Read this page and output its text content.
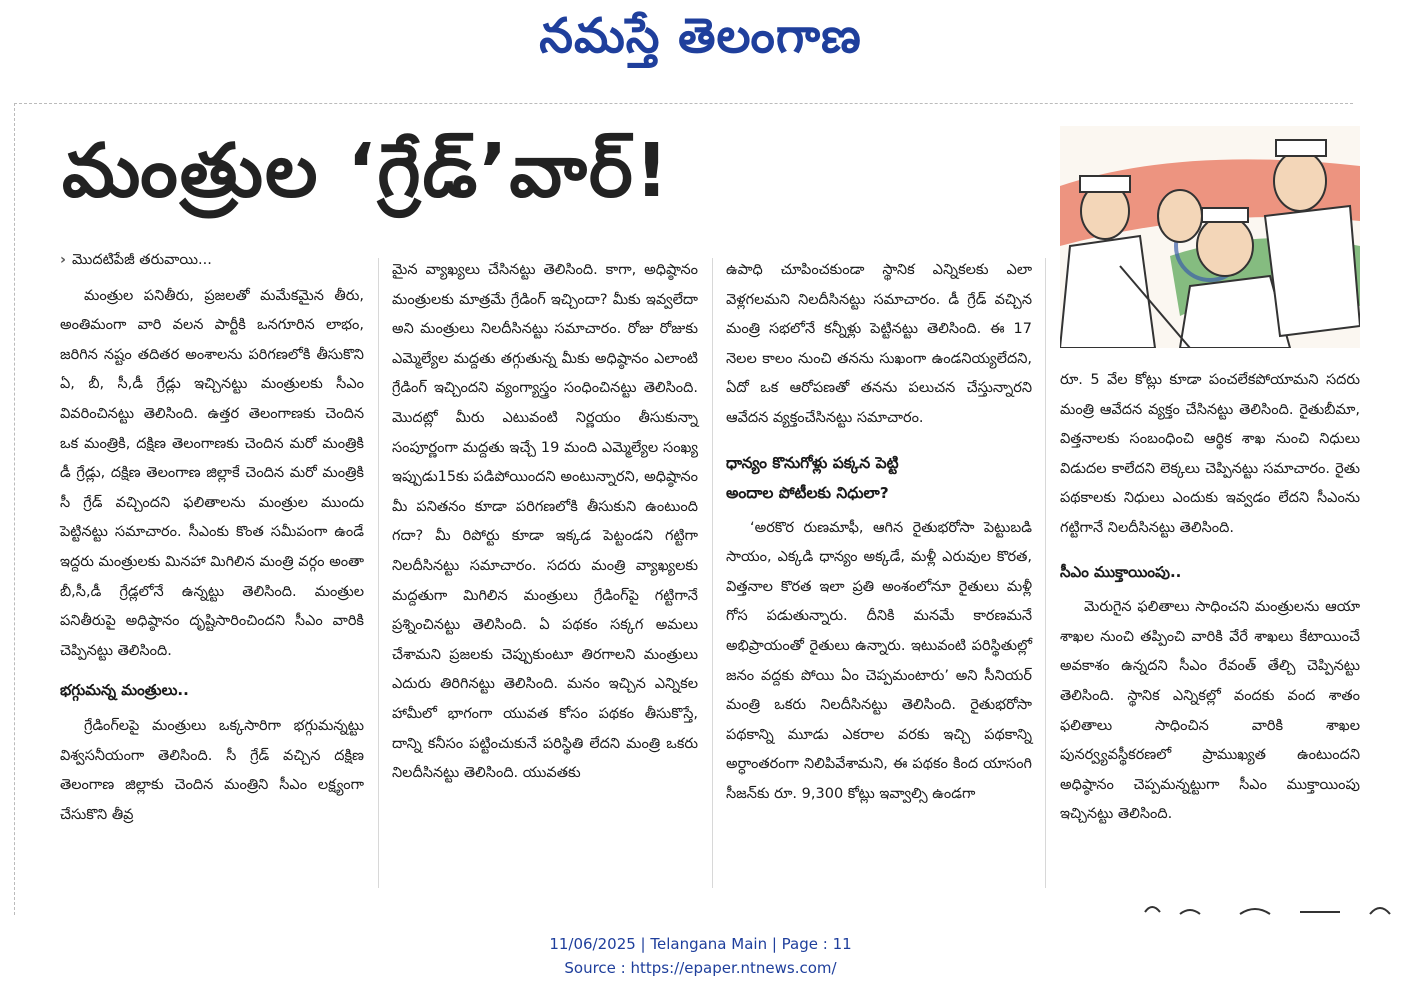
నమస్తే తెలంగాణ
మంత్రుల ‘గ్రేడ్’వార్!
› మొదటిపేజీ తరువాయి...

మంత్రుల పనితీరు, ప్రజలతో మమేకమైన తీరు, అంతిమంగా వారి వలన పార్టీకి ఒనగూరిన లాభం, జరిగిన నష్టం తదితర అంశాలను పరిగణలోకి తీసుకొని ఏ, బీ, సీ,డీ గ్రేడ్లు ఇచ్చినట్టు మంత్రులకు సీఎం వివరించినట్టు తెలిసింది. ఉత్తర తెలంగాణకు చెందిన ఒక మంత్రికి, దక్షిణ తెలంగాణకు చెందిన మరో మంత్రికి డీ గ్రేడ్లు, దక్షిణ తెలంగాణ జిల్లాకే చెందిన మరో మంత్రికి సీ గ్రేడ్ వచ్చిందని ఫలితాలను మంత్రుల ముందు పెట్టినట్టు సమాచారం. సీఎంకు కొంత సమీపంగా ఉండే ఇద్దరు మంత్రులకు మినహా మిగిలిన మంత్రి వర్గం అంతా బీ,సీ,డీ గ్రేడ్లలోనే ఉన్నట్టు తెలిసింది. మంత్రుల పనితీరుపై అధిష్ఠానం దృష్టిసారించిందని సీఎం వారికి చెప్పినట్టు తెలిసింది.

భగ్గుమన్న మంత్రులు..

గ్రేడింగ్‌లపై మంత్రులు ఒక్కసారిగా భగ్గుమన్నట్టు విశ్వసనీయంగా తెలిసింది. సీ గ్రేడ్ వచ్చిన దక్షిణ తెలంగాణ జిల్లాకు చెందిన మంత్రిని సీఎం లక్ష్యంగా చేసుకొని తీవ్ర

మైన వ్యాఖ్యలు చేసినట్టు తెలిసింది. కాగా, అధిష్ఠానం మంత్రులకు మాత్రమే గ్రేడింగ్ ఇచ్చిందా? మీకు ఇవ్వలేదా అని మంత్రులు నిలదీసినట్టు సమాచారం. రోజు రోజుకు ఎమ్మెల్యేల మద్దతు తగ్గుతున్న మీకు అధిష్ఠానం ఎలాంటి గ్రేడింగ్ ఇచ్చిందని వ్యంగ్యాస్త్రం సంధించినట్టు తెలిసింది. మొదట్లో మీరు ఎటువంటి నిర్ణయం తీసుకున్నా సంపూర్ణంగా మద్దతు ఇచ్చే 19 మంది ఎమ్మెల్యేల సంఖ్య ఇప్పుడు15కు పడిపోయిందని అంటున్నారని, అధిష్ఠానం మీ పనితనం కూడా పరిగణలోకి తీసుకుని ఉంటుంది గదా? మీ రిపోర్టు కూడా ఇక్కడ పెట్టండని గట్టిగా నిలదీసినట్టు సమాచారం. సదరు మంత్రి వ్యాఖ్యలకు మద్దతుగా మిగిలిన మంత్రులు గ్రేడింగ్‌పై గట్టిగానే ప్రశ్నించినట్టు తెలిసింది. ఏ పథకం సక్కగ అమలు చేశామని ప్రజలకు చెప్పుకుంటూ తిరగాలని మంత్రులు ఎదురు తిరిగినట్టు తెలిసింది. మనం ఇచ్చిన ఎన్నికల హామీలో భాగంగా యువత కోసం పథకం తీసుకొస్తే, దాన్ని కనీసం పట్టించుకునే పరిస్థితి లేదని మంత్రి ఒకరు నిలదీసినట్టు తెలిసింది. యువతకు

ఉపాధి చూపించకుండా స్థానిక ఎన్నికలకు ఎలా వెళ్లగలమని నిలదీసినట్టు సమాచారం. డీ గ్రేడ్ వచ్చిన మంత్రి సభలోనే కన్నీళ్లు పెట్టినట్టు తెలిసింది. ఈ 17 నెలల కాలం నుంచి తనను సుఖంగా ఉండనియ్యలేదని, ఏదో ఒక ఆరోపణతో తనను పలుచన చేస్తున్నారని ఆవేదన వ్యక్తంచేసినట్టు సమాచారం.

ధాన్యం కొనుగోళ్లు పక్కన పెట్టి
అందాల పోటీలకు నిధులా?

‘అరకొర రుణమాఫీ, ఆగిన రైతుభరోసా పెట్టుబడి సాయం, ఎక్కడి ధాన్యం అక్కడే, మళ్లీ ఎరువుల కొరత, విత్తనాల కొరత ఇలా ప్రతి అంశంలోనూ రైతులు మళ్లీ గోస పడుతున్నారు. దీనికి మనమే కారణమనే అభిప్రాయంతో రైతులు ఉన్నారు. ఇటువంటి పరిస్థితుల్లో జనం వద్దకు పోయి ఏం చెప్పమంటారు’ అని సీనియర్ మంత్రి ఒకరు నిలదీసినట్టు తెలిసింది. రైతుభరోసా పథకాన్ని మూడు ఎకరాల వరకు ఇచ్చి పథకాన్ని అర్ధాంతరంగా నిలిపివేశామని, ఈ పథకం కింద యాసంగి సీజన్‌కు రూ. 9,300 కోట్లు ఇవ్వాల్సి ఉండగా

రూ. 5 వేల కోట్లు కూడా పంచలేకపోయామని సదరు మంత్రి ఆవేదన వ్యక్తం చేసినట్టు తెలిసింది. రైతుబీమా, విత్తనాలకు సంబంధించి ఆర్థిక శాఖ నుంచి నిధులు విడుదల కాలేదని లెక్కలు చెప్పినట్టు సమాచారం. రైతు పథకాలకు నిధులు ఎందుకు ఇవ్వడం లేదని సీఎంను గట్టిగానే నిలదీసినట్టు తెలిసింది.

సీఎం ముక్తాయింపు..

మెరుగైన ఫలితాలు సాధించని మంత్రులను ఆయా శాఖల నుంచి తప్పించి వారికి వేరే శాఖలు కేటాయించే అవకాశం ఉన్నదని సీఎం రేవంత్ తేల్చి చెప్పినట్టు తెలిసింది. స్థానిక ఎన్నికల్లో వందకు వంద శాతం ఫలితాలు సాధించిన వారికి శాఖల పునర్వ్యవస్థీకరణలో ప్రాముఖ్యత ఉంటుందని అధిష్ఠానం చెప్పమన్నట్టుగా సీఎం ముక్తాయింపు ఇచ్చినట్టు తెలిసింది.

11/06/2025 | Telangana Main | Page : 11
Source : https://epaper.ntnews.com/
